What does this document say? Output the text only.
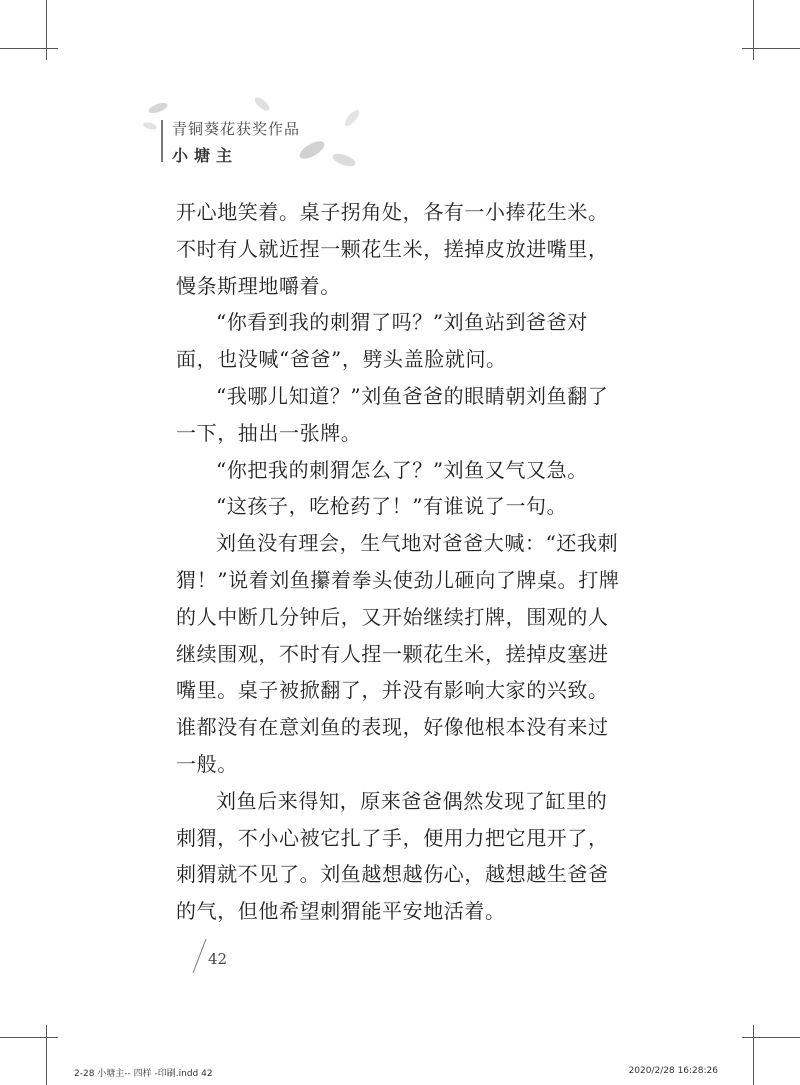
青铜葵花获奖作品
小塘主

开心地笑着。桌子拐角处，各有一小捧花生米。不时有人就近捏一颗花生米，搓掉皮放进嘴里，慢条斯理地嚼着。

“你看到我的刺猬了吗？”刘鱼站到爸爸对面，也没喊“爸爸”，劈头盖脸就问。

“我哪儿知道？”刘鱼爸爸的眼睛朝刘鱼翻了一下，抽出一张牌。

“你把我的刺猬怎么了？”刘鱼又气又急。

“这孩子，吃枪药了！”有谁说了一句。

刘鱼没有理会，生气地对爸爸大喊：“还我刺猬！”说着刘鱼攥着拳头使劲儿砸向了牌桌。打牌的人中断几分钟后，又开始继续打牌，围观的人继续围观，不时有人捏一颗花生米，搓掉皮塞进嘴里。桌子被掀翻了，并没有影响大家的兴致。谁都没有在意刘鱼的表现，好像他根本没有来过一般。

刘鱼后来得知，原来爸爸偶然发现了缸里的刺猬，不小心被它扎了手，便用力把它甩开了，刺猬就不见了。刘鱼越想越伤心，越想越生爸爸的气，但他希望刺猬能平安地活着。

42
2-28 小塘主-- 四样 -印刷.indd 42	2020/2/28 16:28:26
